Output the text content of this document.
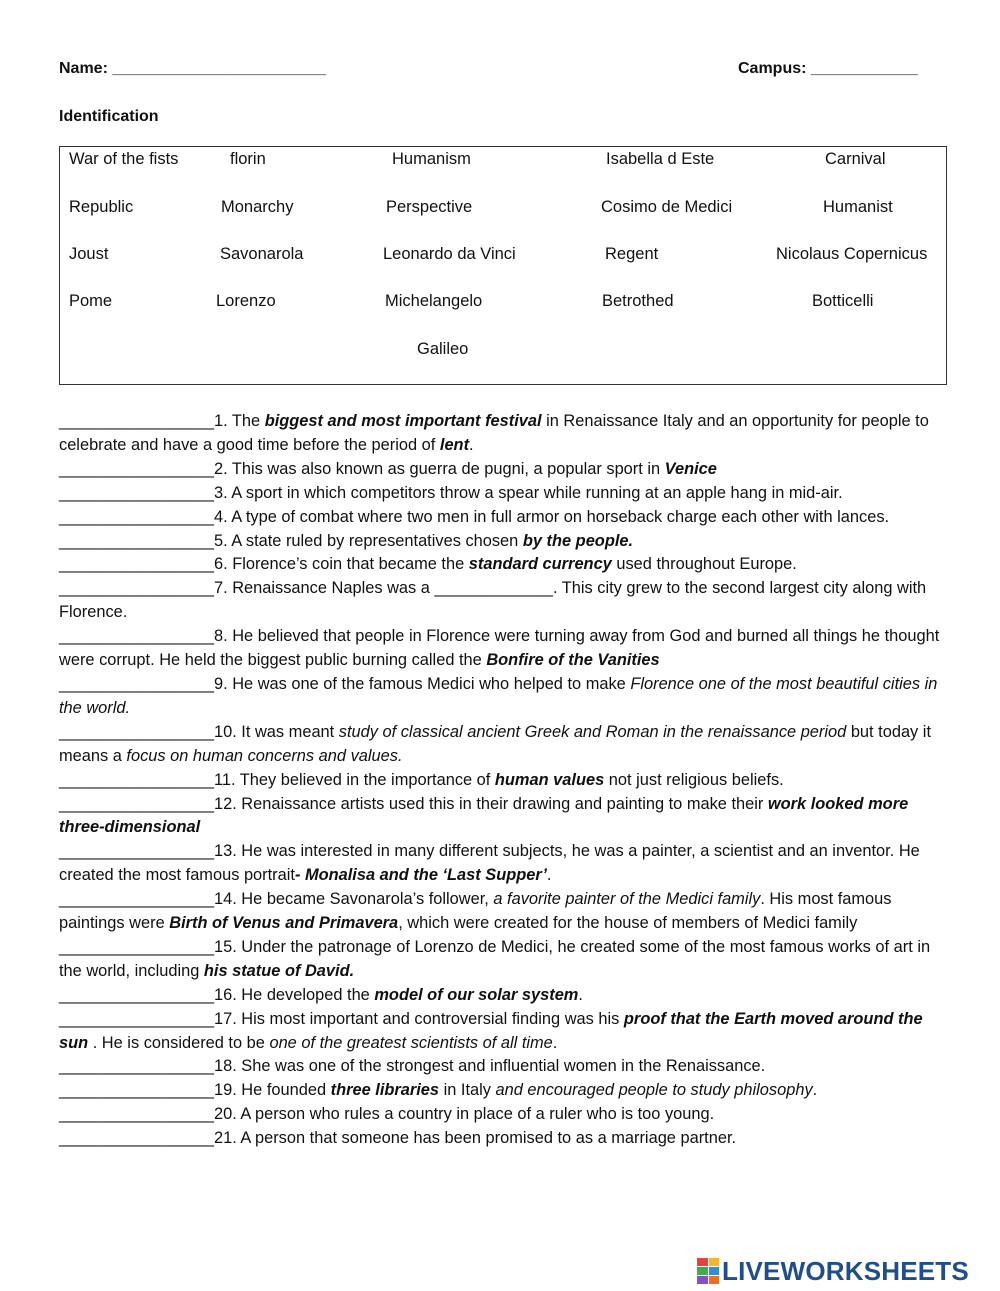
Name: ________________________	Campus: ____________
Identification
War of the fists	florin	Humanism	Isabella d Este	Carnival
Republic	Monarchy	Perspective	Cosimo de Medici	Humanist
Joust	Savonarola	Leonardo da Vinci	Regent	Nicolaus Copernicus
Pome	Lorenzo	Michelangelo	Betrothed	Botticelli
Galileo

_________________1. The biggest and most important festival in Renaissance Italy and an opportunity for people to celebrate and have a good time before the period of lent.

_________________2. This was also known as guerra de pugni, a popular sport in Venice

_________________3. A sport in which competitors throw a spear while running at an apple hang in mid-air.

_________________4. A type of combat where two men in full armor on horseback charge each other with lances.

_________________5. A state ruled by representatives chosen by the people.

_________________6. Florence’s coin that became the standard currency used throughout Europe.

_________________7. Renaissance Naples was a _____________. This city grew to the second largest city along with Florence.

_________________8. He believed that people in Florence were turning away from God and burned all things he thought were corrupt. He held the biggest public burning called the Bonfire of the Vanities

_________________9. He was one of the famous Medici who helped to make Florence one of the most beautiful cities in the world.

_________________10. It was meant study of classical ancient Greek and Roman in the renaissance period but today it means a focus on human concerns and values.

_________________11. They believed in the importance of human values not just religious beliefs.

_________________12. Renaissance artists used this in their drawing and painting to make their work looked more three-dimensional

_________________13. He was interested in many different subjects, he was a painter, a scientist and an inventor. He created the most famous portrait- Monalisa and the ‘Last Supper’.

_________________14. He became Savonarola’s follower, a favorite painter of the Medici family. His most famous paintings were Birth of Venus and Primavera, which were created for the house of members of Medici family

_________________15. Under the patronage of Lorenzo de Medici, he created some of the most famous works of art in the world, including his statue of David.

_________________16. He developed the model of our solar system.

_________________17. His most important and controversial finding was his proof that the Earth moved around the sun . He is considered to be one of the greatest scientists of all time.

_________________18. She was one of the strongest and influential women in the Renaissance.

_________________19. He founded three libraries in Italy and encouraged people to study philosophy.

_________________20. A person who rules a country in place of a ruler who is too young.

_________________21. A person that someone has been promised to as a marriage partner.

LIVEWORKSHEETS
